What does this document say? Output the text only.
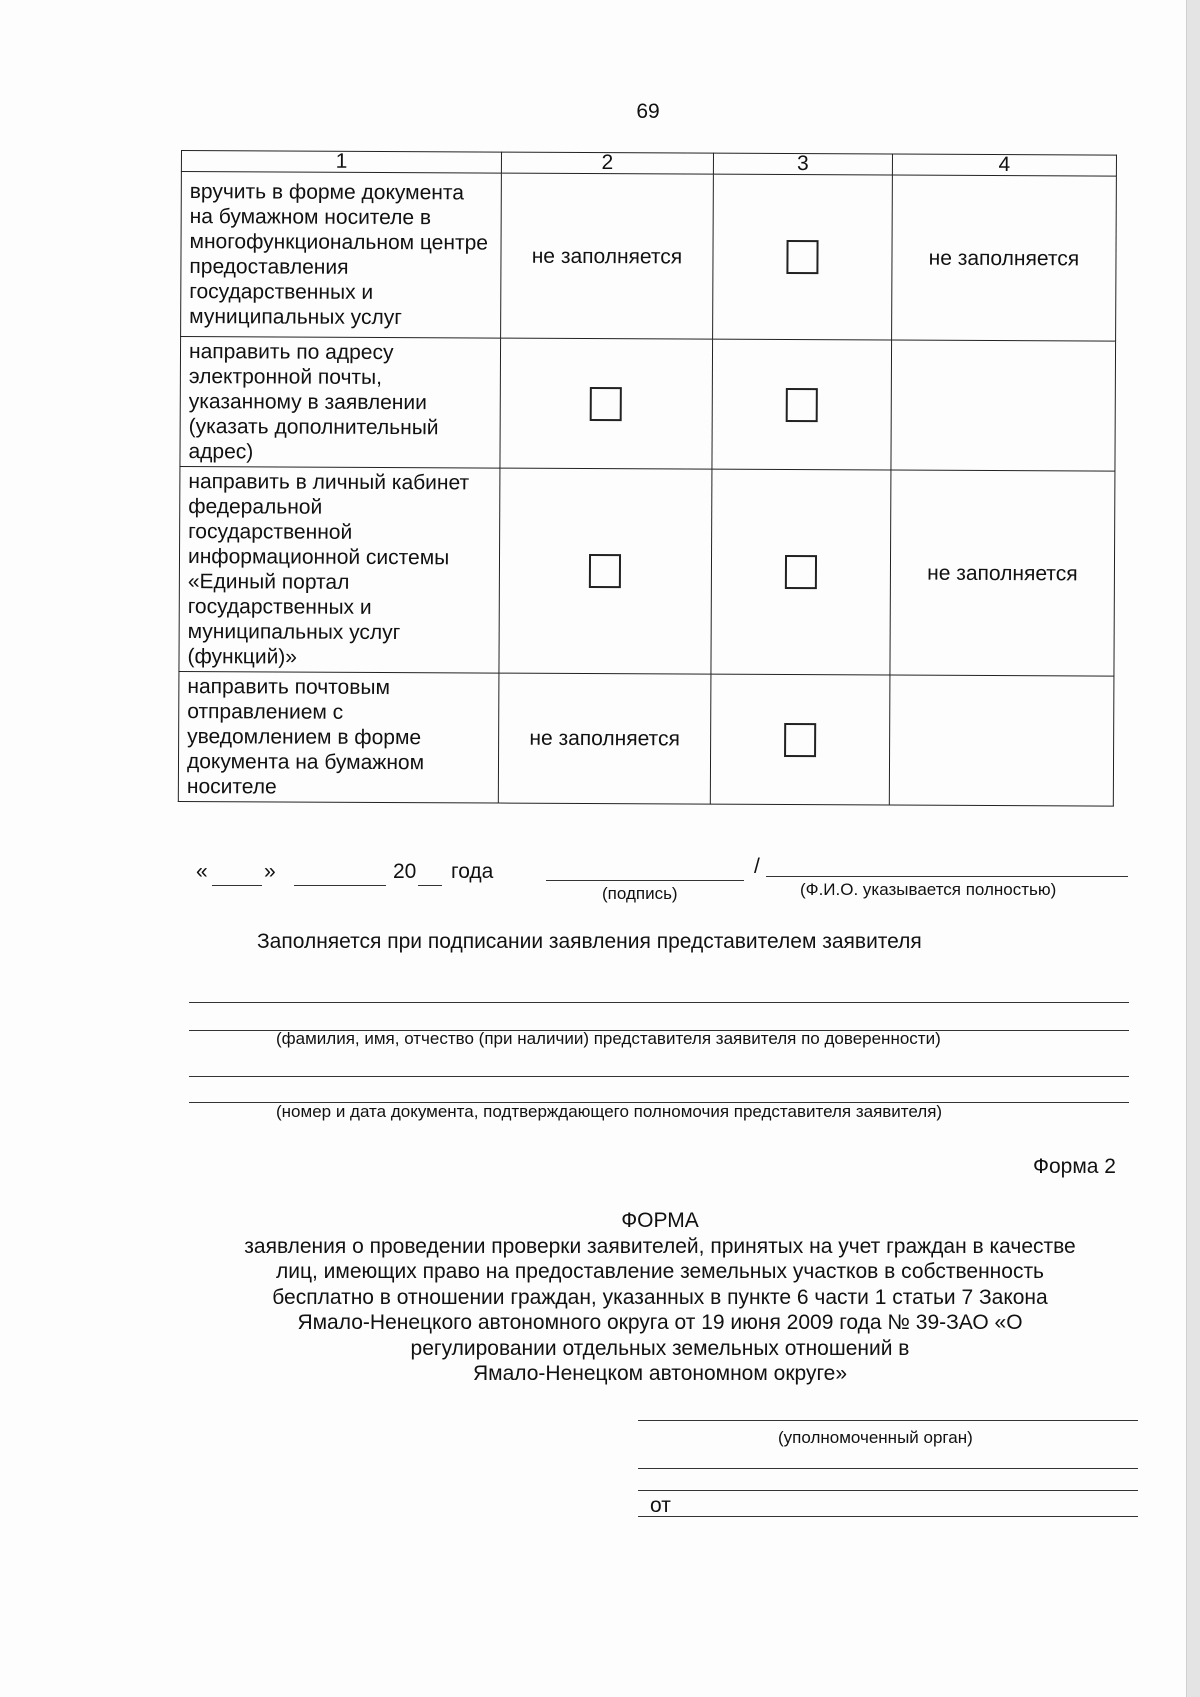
69
1	2	3	4
вручить в форме документа на бумажном носителе в многофункциональном центре предоставления государственных и муниципальных услуг	не заполняется		не заполняется
направить по адресу электронной почты, указанному в заявлении (указать дополнительный адрес)			
направить в личный кабинет федеральной государственной информационной системы «Единый портал государственных и муниципальных услуг (функций)»			не заполняется
направить почтовым отправлением с уведомлением в форме документа на бумажном носителе	не заполняется		
«	»	20 года	/
(подпись)	(Ф.И.О. указывается полностью)
Заполняется при подписании заявления представителем заявителя
(фамилия, имя, отчество (при наличии) представителя заявителя по доверенности)
(номер и дата документа, подтверждающего полномочия представителя заявителя)
Форма 2
ФОРМА
заявления о проведении проверки заявителей, принятых на учет граждан в качестве
лиц, имеющих право на предоставление земельных участков в собственность
бесплатно в отношении граждан, указанных в пункте 6 части 1 статьи 7 Закона
Ямало-Ненецкого автономного округа от 19 июня 2009 года № 39-ЗАО «О
регулировании отдельных земельных отношений в
Ямало-Ненецком автономном округе»
(уполномоченный орган)
от
